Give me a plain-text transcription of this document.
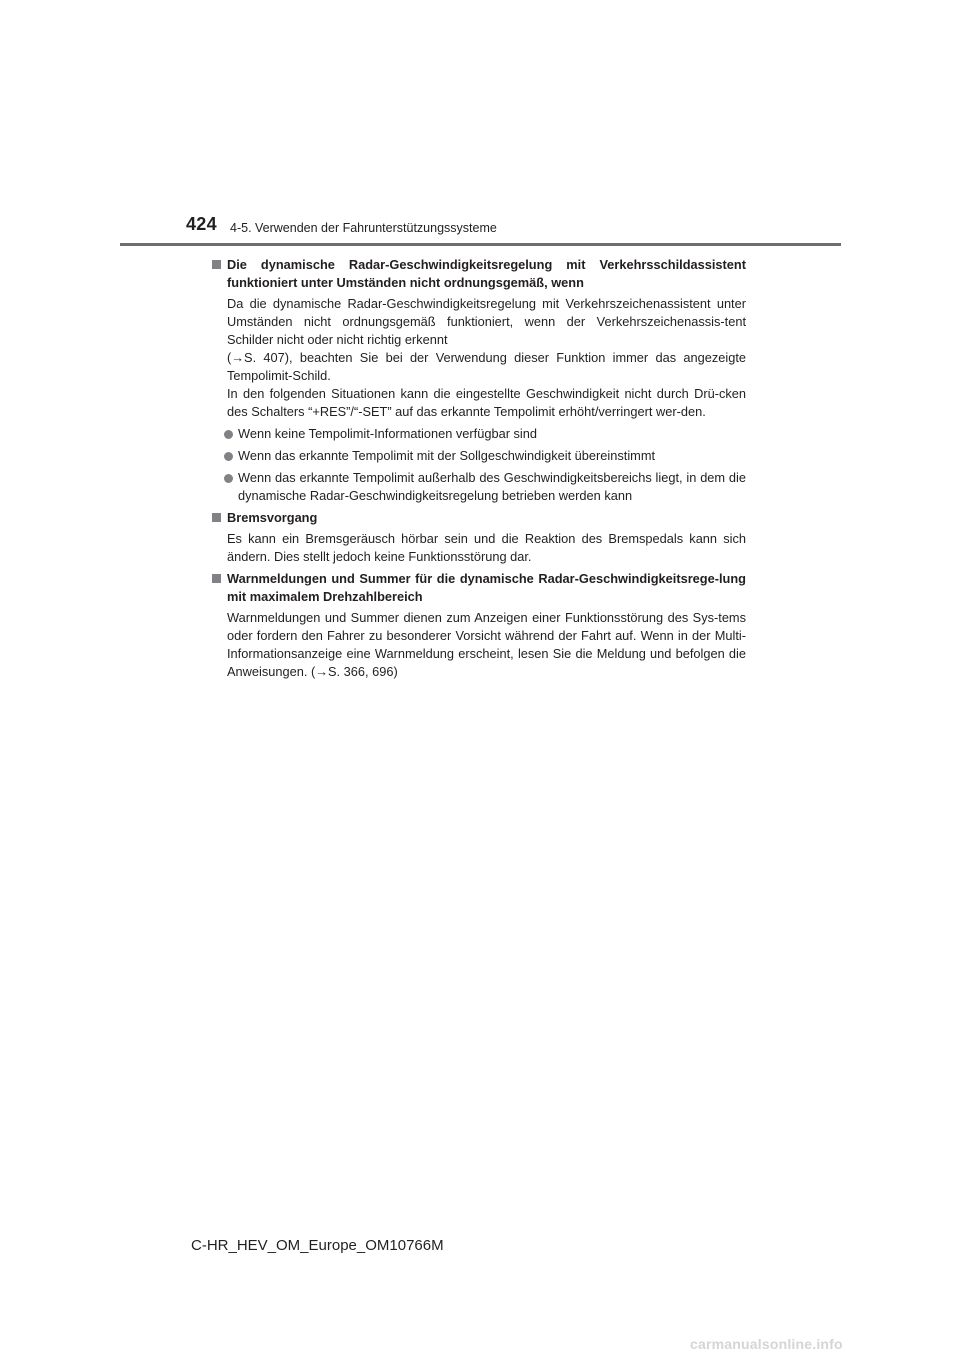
424 4-5. Verwenden der Fahrunterstützungssysteme
Die dynamische Radar-Geschwindigkeitsregelung mit Verkehrsschildassistent funktioniert unter Umständen nicht ordnungsgemäß, wenn
Da die dynamische Radar-Geschwindigkeitsregelung mit Verkehrszeichenassistent unter Umständen nicht ordnungsgemäß funktioniert, wenn der Verkehrszeichenassis-tent Schilder nicht oder nicht richtig erkennt
(→S. 407), beachten Sie bei der Verwendung dieser Funktion immer das angezeigte Tempolimit-Schild.
In den folgenden Situationen kann die eingestellte Geschwindigkeit nicht durch Drü-cken des Schalters “+RES”/“-SET” auf das erkannte Tempolimit erhöht/verringert wer-den.
Wenn keine Tempolimit-Informationen verfügbar sind
Wenn das erkannte Tempolimit mit der Sollgeschwindigkeit übereinstimmt
Wenn das erkannte Tempolimit außerhalb des Geschwindigkeitsbereichs liegt, in dem die dynamische Radar-Geschwindigkeitsregelung betrieben werden kann
Bremsvorgang
Es kann ein Bremsgeräusch hörbar sein und die Reaktion des Bremspedals kann sich ändern. Dies stellt jedoch keine Funktionsstörung dar.
Warnmeldungen und Summer für die dynamische Radar-Geschwindigkeitsrege-lung mit maximalem Drehzahlbereich
Warnmeldungen und Summer dienen zum Anzeigen einer Funktionsstörung des Sys-tems oder fordern den Fahrer zu besonderer Vorsicht während der Fahrt auf. Wenn in der Multi-Informationsanzeige eine Warnmeldung erscheint, lesen Sie die Meldung und befolgen die Anweisungen. (→S. 366, 696)
C-HR_HEV_OM_Europe_OM10766M
carmanualsonline.info
